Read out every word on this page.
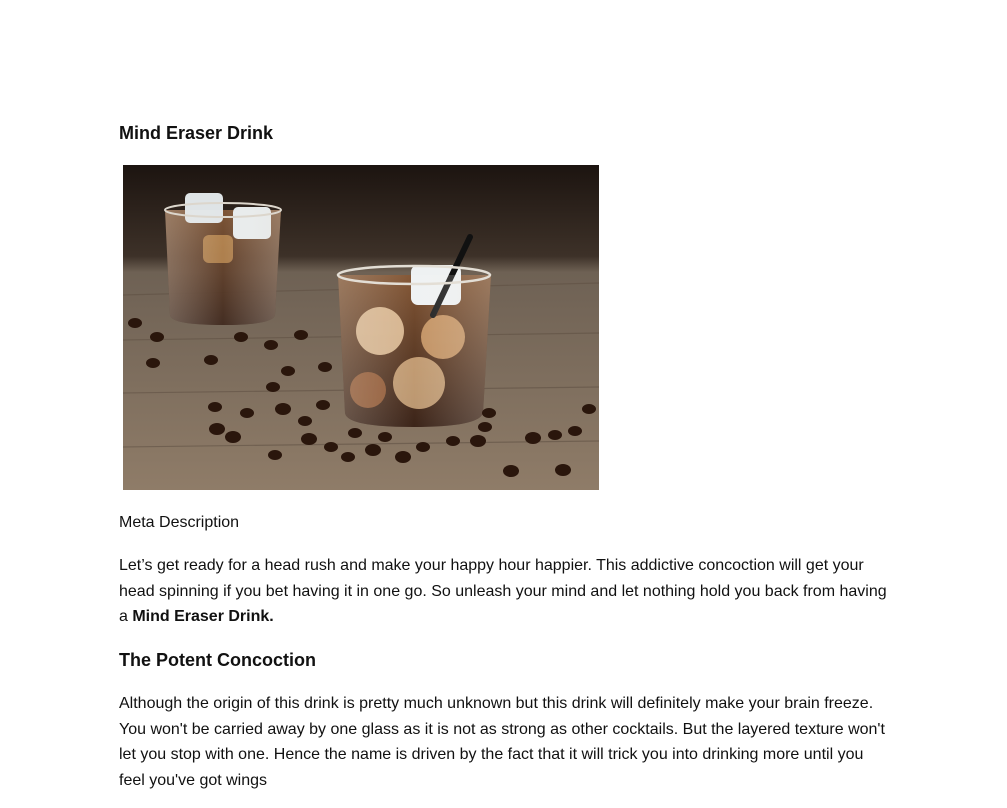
Mind Eraser Drink

Meta Description

Let’s get ready for a head rush and make your happy hour happier. This addictive concoction will get your head spinning if you bet having it in one go. So unleash your mind and let nothing hold you back from having a Mind Eraser Drink.

The Potent Concoction

Although the origin of this drink is pretty much unknown but this drink will definitely make your brain freeze. You won't be carried away by one glass as it is not as strong as other cocktails. But the layered texture won't let you stop with one. Hence the name is driven by the fact that it will trick you into drinking more until you feel you've got wings
